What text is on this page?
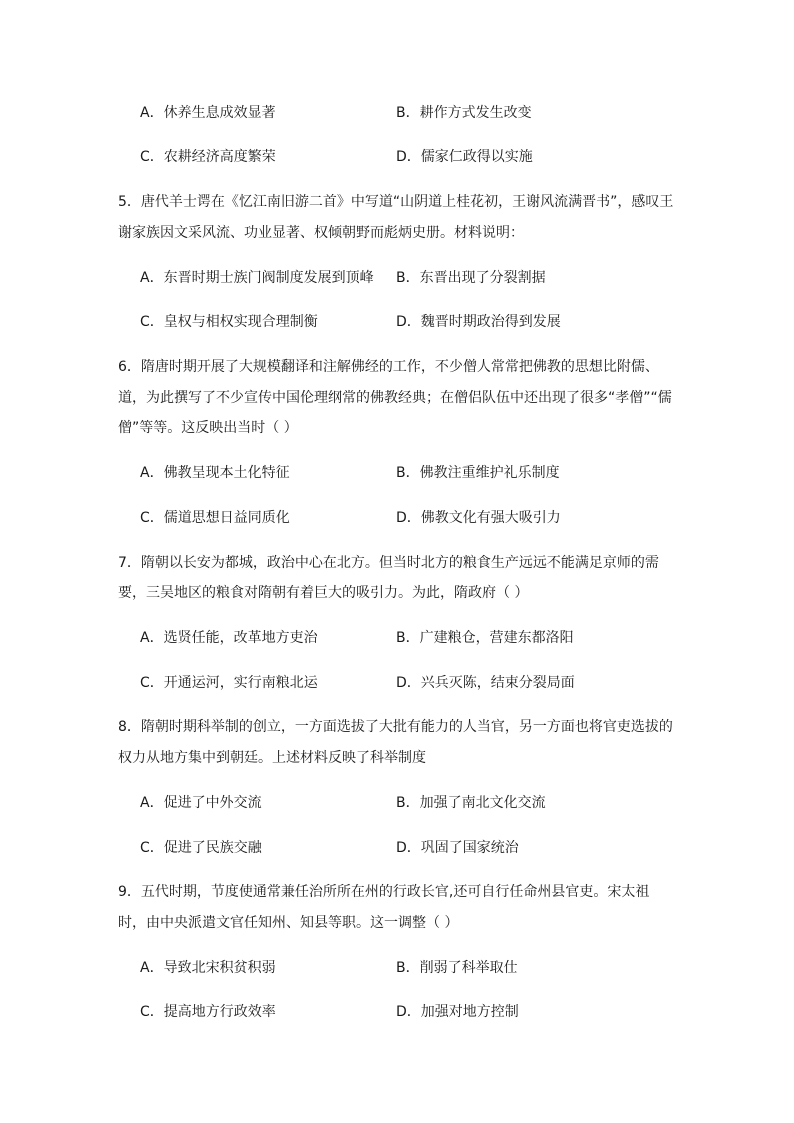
A．休养生息成效显著	B．耕作方式发生改变
C．农耕经济高度繁荣	D．儒家仁政得以实施
5．唐代羊士谔在《忆江南旧游二首》中写道“山阴道上桂花初，王谢风流满晋书”，感叹王
谢家族因文采风流、功业显著、权倾朝野而彪炳史册。材料说明：
A．东晋时期士族门阀制度发展到顶峰 B．东晋出现了分裂割据
C．皇权与相权实现合理制衡	D．魏晋时期政治得到发展
6．隋唐时期开展了大规模翻译和注解佛经的工作，不少僧人常常把佛教的思想比附儒、
道，为此撰写了不少宣传中国伦理纲常的佛教经典；在僧侣队伍中还出现了很多“孝僧”“儒
僧”等等。这反映出当时（ ）
A．佛教呈现本土化特征	B．佛教注重维护礼乐制度
C．儒道思想日益同质化	D．佛教文化有强大吸引力
7．隋朝以长安为都城，政治中心在北方。但当时北方的粮食生产远远不能满足京师的需
要，三吴地区的粮食对隋朝有着巨大的吸引力。为此，隋政府（ ）
A．选贤任能，改革地方吏治	B．广建粮仓，营建东都洛阳
C．开通运河，实行南粮北运	D．兴兵灭陈，结束分裂局面
8．隋朝时期科举制的创立，一方面选拔了大批有能力的人当官，另一方面也将官吏选拔的
权力从地方集中到朝廷。上述材料反映了科举制度
A．促进了中外交流	B．加强了南北文化交流
C．促进了民族交融	D．巩固了国家统治
9．五代时期，节度使通常兼任治所所在州的行政长官,还可自行任命州县官吏。宋太祖
时，由中央派遣文官任知州、知县等职。这一调整（ ）
A．导致北宋积贫积弱	B．削弱了科举取仕
C．提高地方行政效率	D．加强对地方控制
